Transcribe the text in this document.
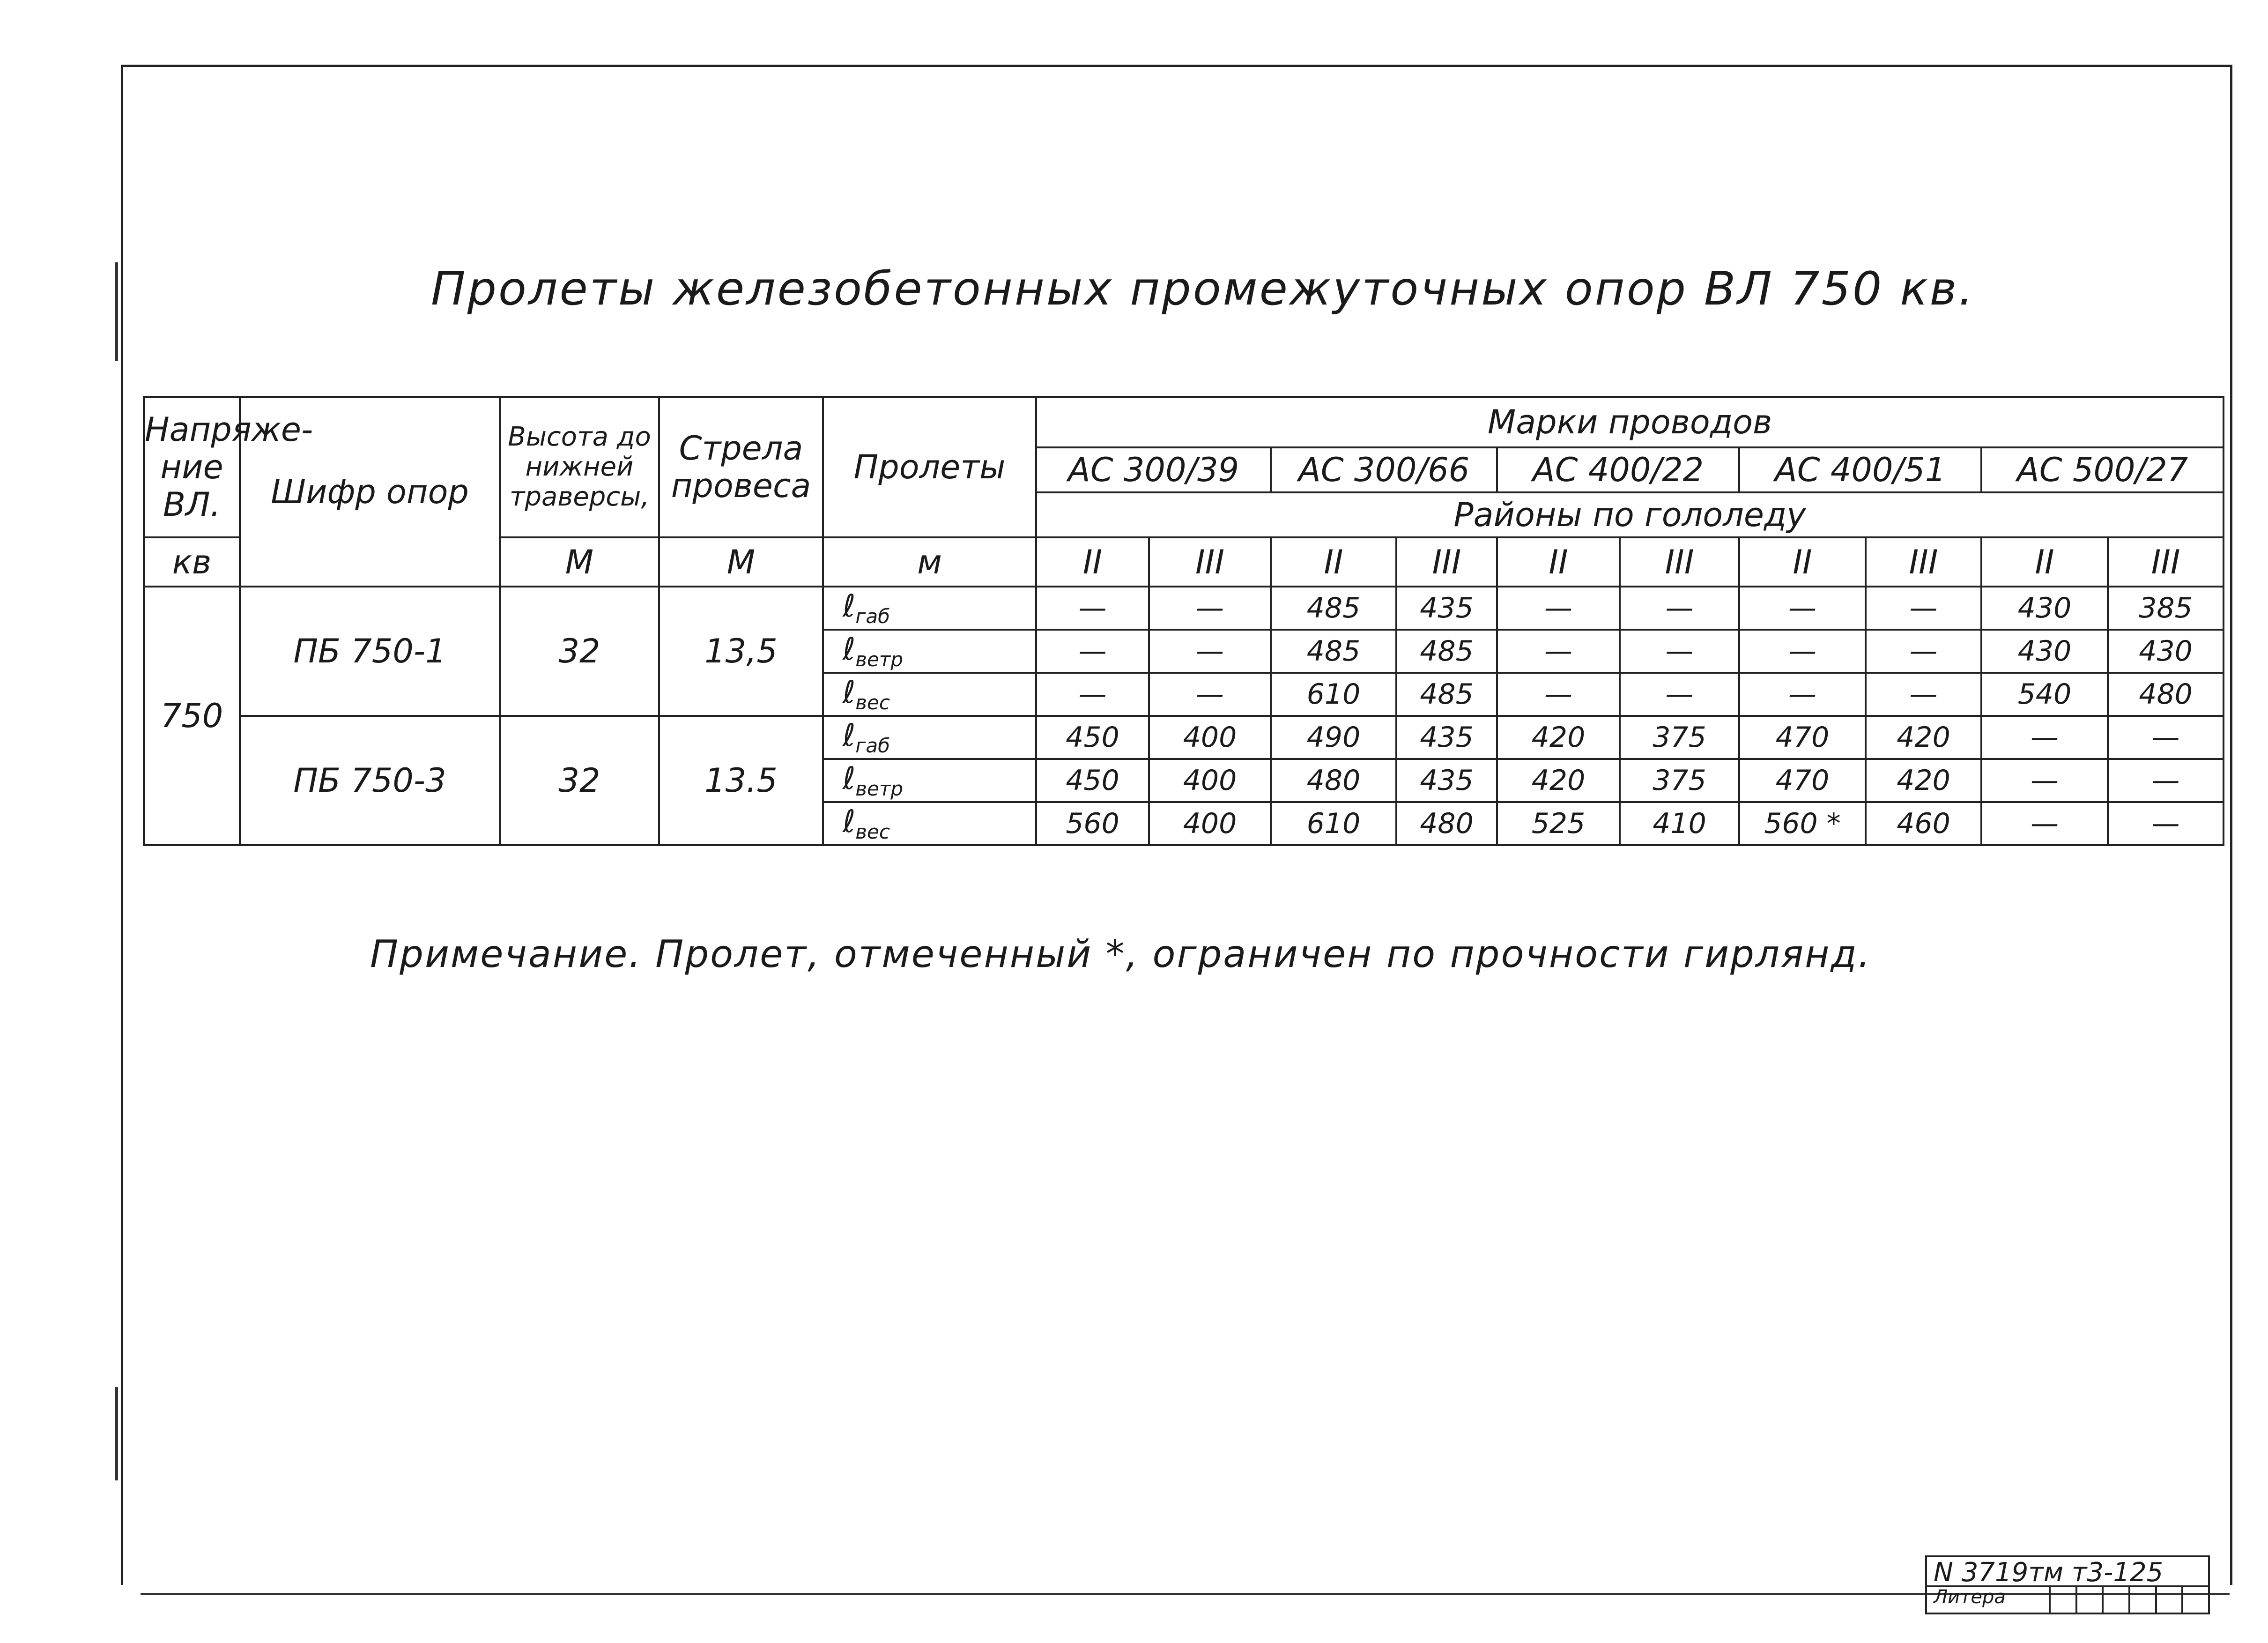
Пролеты железобетонных промежуточных опор ВЛ 750 кв.
Напряже-ние ВЛ.	Шифр опор	Высота до нижней траверсы,	Стрела провеса	Пролеты	Марки проводов									
					АС 300/39		АС 300/66		АС 400/22		АС 400/51		АС 500/27	
					Районы по гололеду									
кв		М	М	м	II	III	II	III	II	III	II	III	II	III
750	ПБ 750-1	32	13,5	ℓ$_{габ}$	—	—	485	435	—	—	—	—	430	385
				ℓ$_{ветр}$	—	—	485	485	—	—	—	—	430	430
				ℓ$_{вес}$	—	—	610	485	—	—	—	—	540	480
	ПБ 750-3	32	13.5	ℓ$_{габ}$	450	400	490	435	420	375	470	420	—	—
				ℓ$_{ветр}$	450	400	480	435	420	375	470	420	—	—
				ℓ$_{вес}$	560	400	610	480	525	410	560 *	460	—	—
Примечание. Пролет, отмеченный *, ограничен по прочности гирлянд.
N 3719тм т3-125
Литера
